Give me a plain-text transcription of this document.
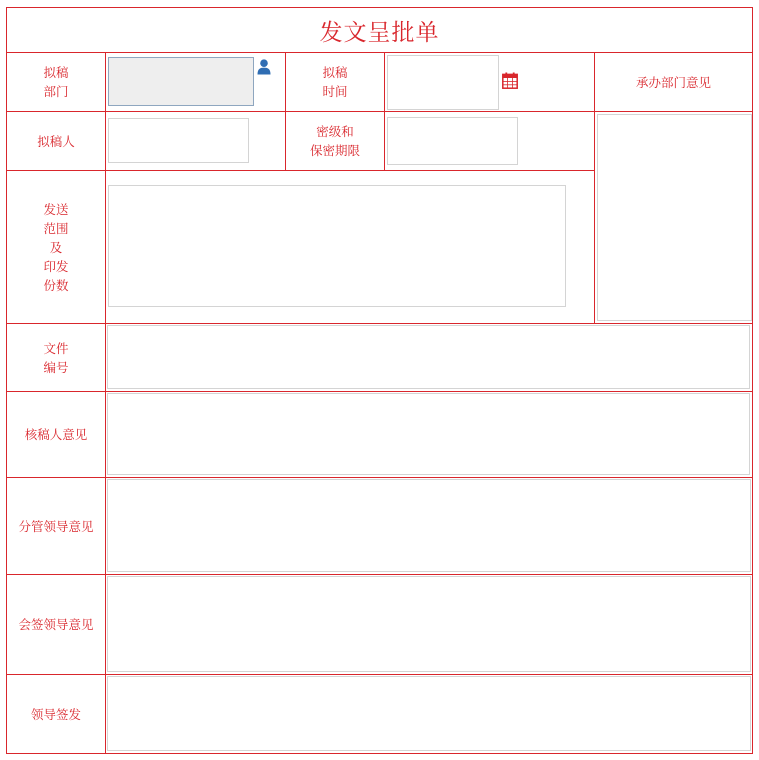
发文呈批单
拟稿
部门
拟稿
时间
承办部门意见
拟稿人
密级和
保密期限
发送
范围
及
印发
份数
文件
编号
核稿人意见
分管领导意见
会签领导意见
领导签发
